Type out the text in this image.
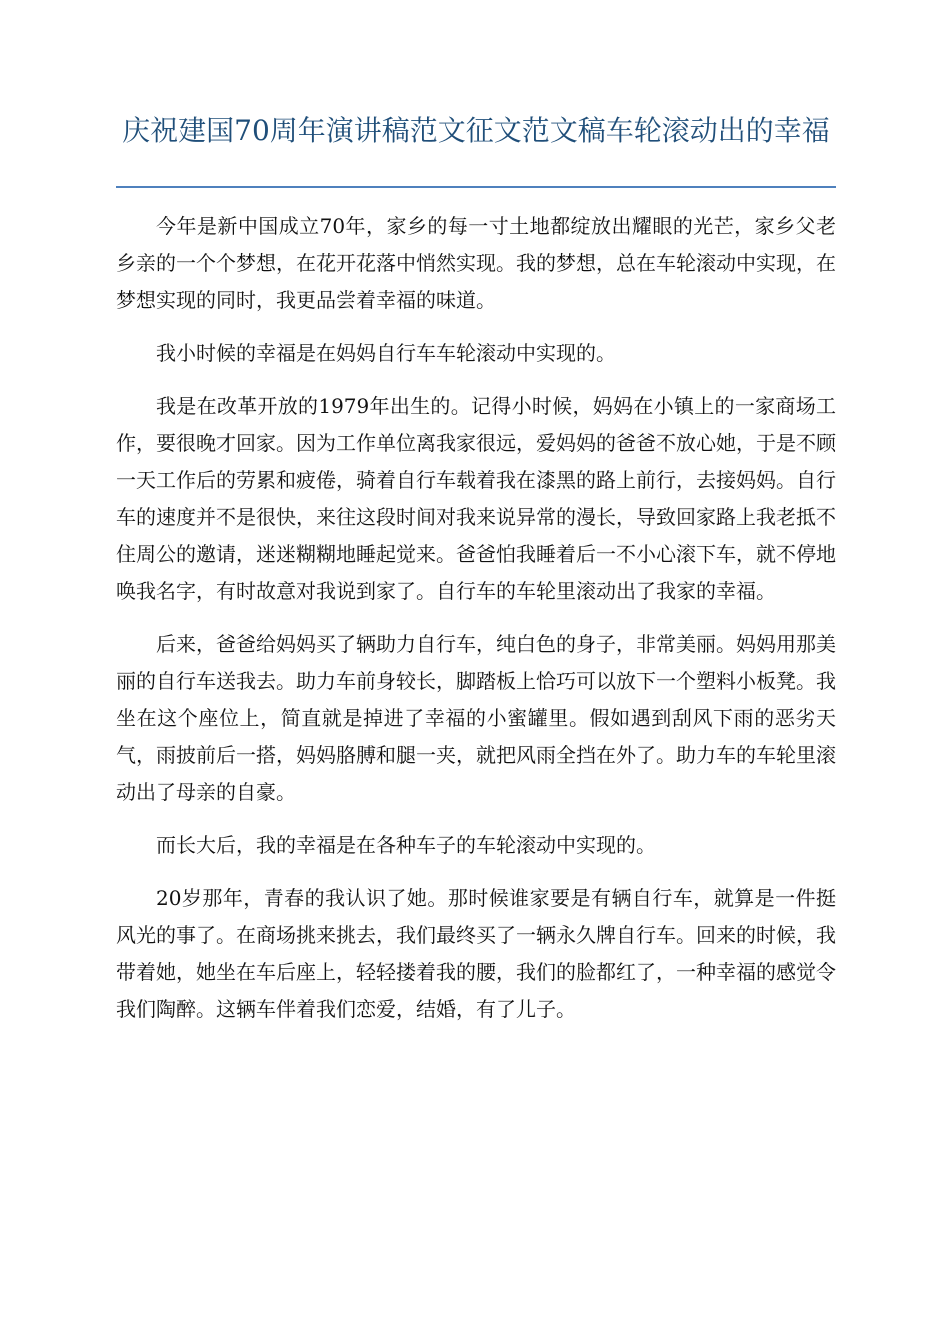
庆祝建国70周年演讲稿范文征文范文稿车轮滚动出的幸福

今年是新中国成立70年，家乡的每一寸土地都绽放出耀眼的光芒，家乡父老乡亲的一个个梦想，在花开花落中悄然实现。我的梦想，总在车轮滚动中实现，在梦想实现的同时，我更品尝着幸福的味道。

我小时候的幸福是在妈妈自行车车轮滚动中实现的。

我是在改革开放的1979年出生的。记得小时候，妈妈在小镇上的一家商场工作，要很晚才回家。因为工作单位离我家很远，爱妈妈的爸爸不放心她，于是不顾一天工作后的劳累和疲倦，骑着自行车载着我在漆黑的路上前行，去接妈妈。自行车的速度并不是很快，来往这段时间对我来说异常的漫长，导致回家路上我老抵不住周公的邀请，迷迷糊糊地睡起觉来。爸爸怕我睡着后一不小心滚下车，就不停地唤我名字，有时故意对我说到家了。自行车的车轮里滚动出了我家的幸福。

后来，爸爸给妈妈买了辆助力自行车，纯白色的身子，非常美丽。妈妈用那美丽的自行车送我去。助力车前身较长，脚踏板上恰巧可以放下一个塑料小板凳。我坐在这个座位上，简直就是掉进了幸福的小蜜罐里。假如遇到刮风下雨的恶劣天气，雨披前后一搭，妈妈胳膊和腿一夹，就把风雨全挡在外了。助力车的车轮里滚动出了母亲的自豪。

而长大后，我的幸福是在各种车子的车轮滚动中实现的。

20岁那年，青春的我认识了她。那时候谁家要是有辆自行车，就算是一件挺风光的事了。在商场挑来挑去，我们最终买了一辆永久牌自行车。回来的时候，我带着她，她坐在车后座上，轻轻搂着我的腰，我们的脸都红了，一种幸福的感觉令我们陶醉。这辆车伴着我们恋爱，结婚，有了儿子。
